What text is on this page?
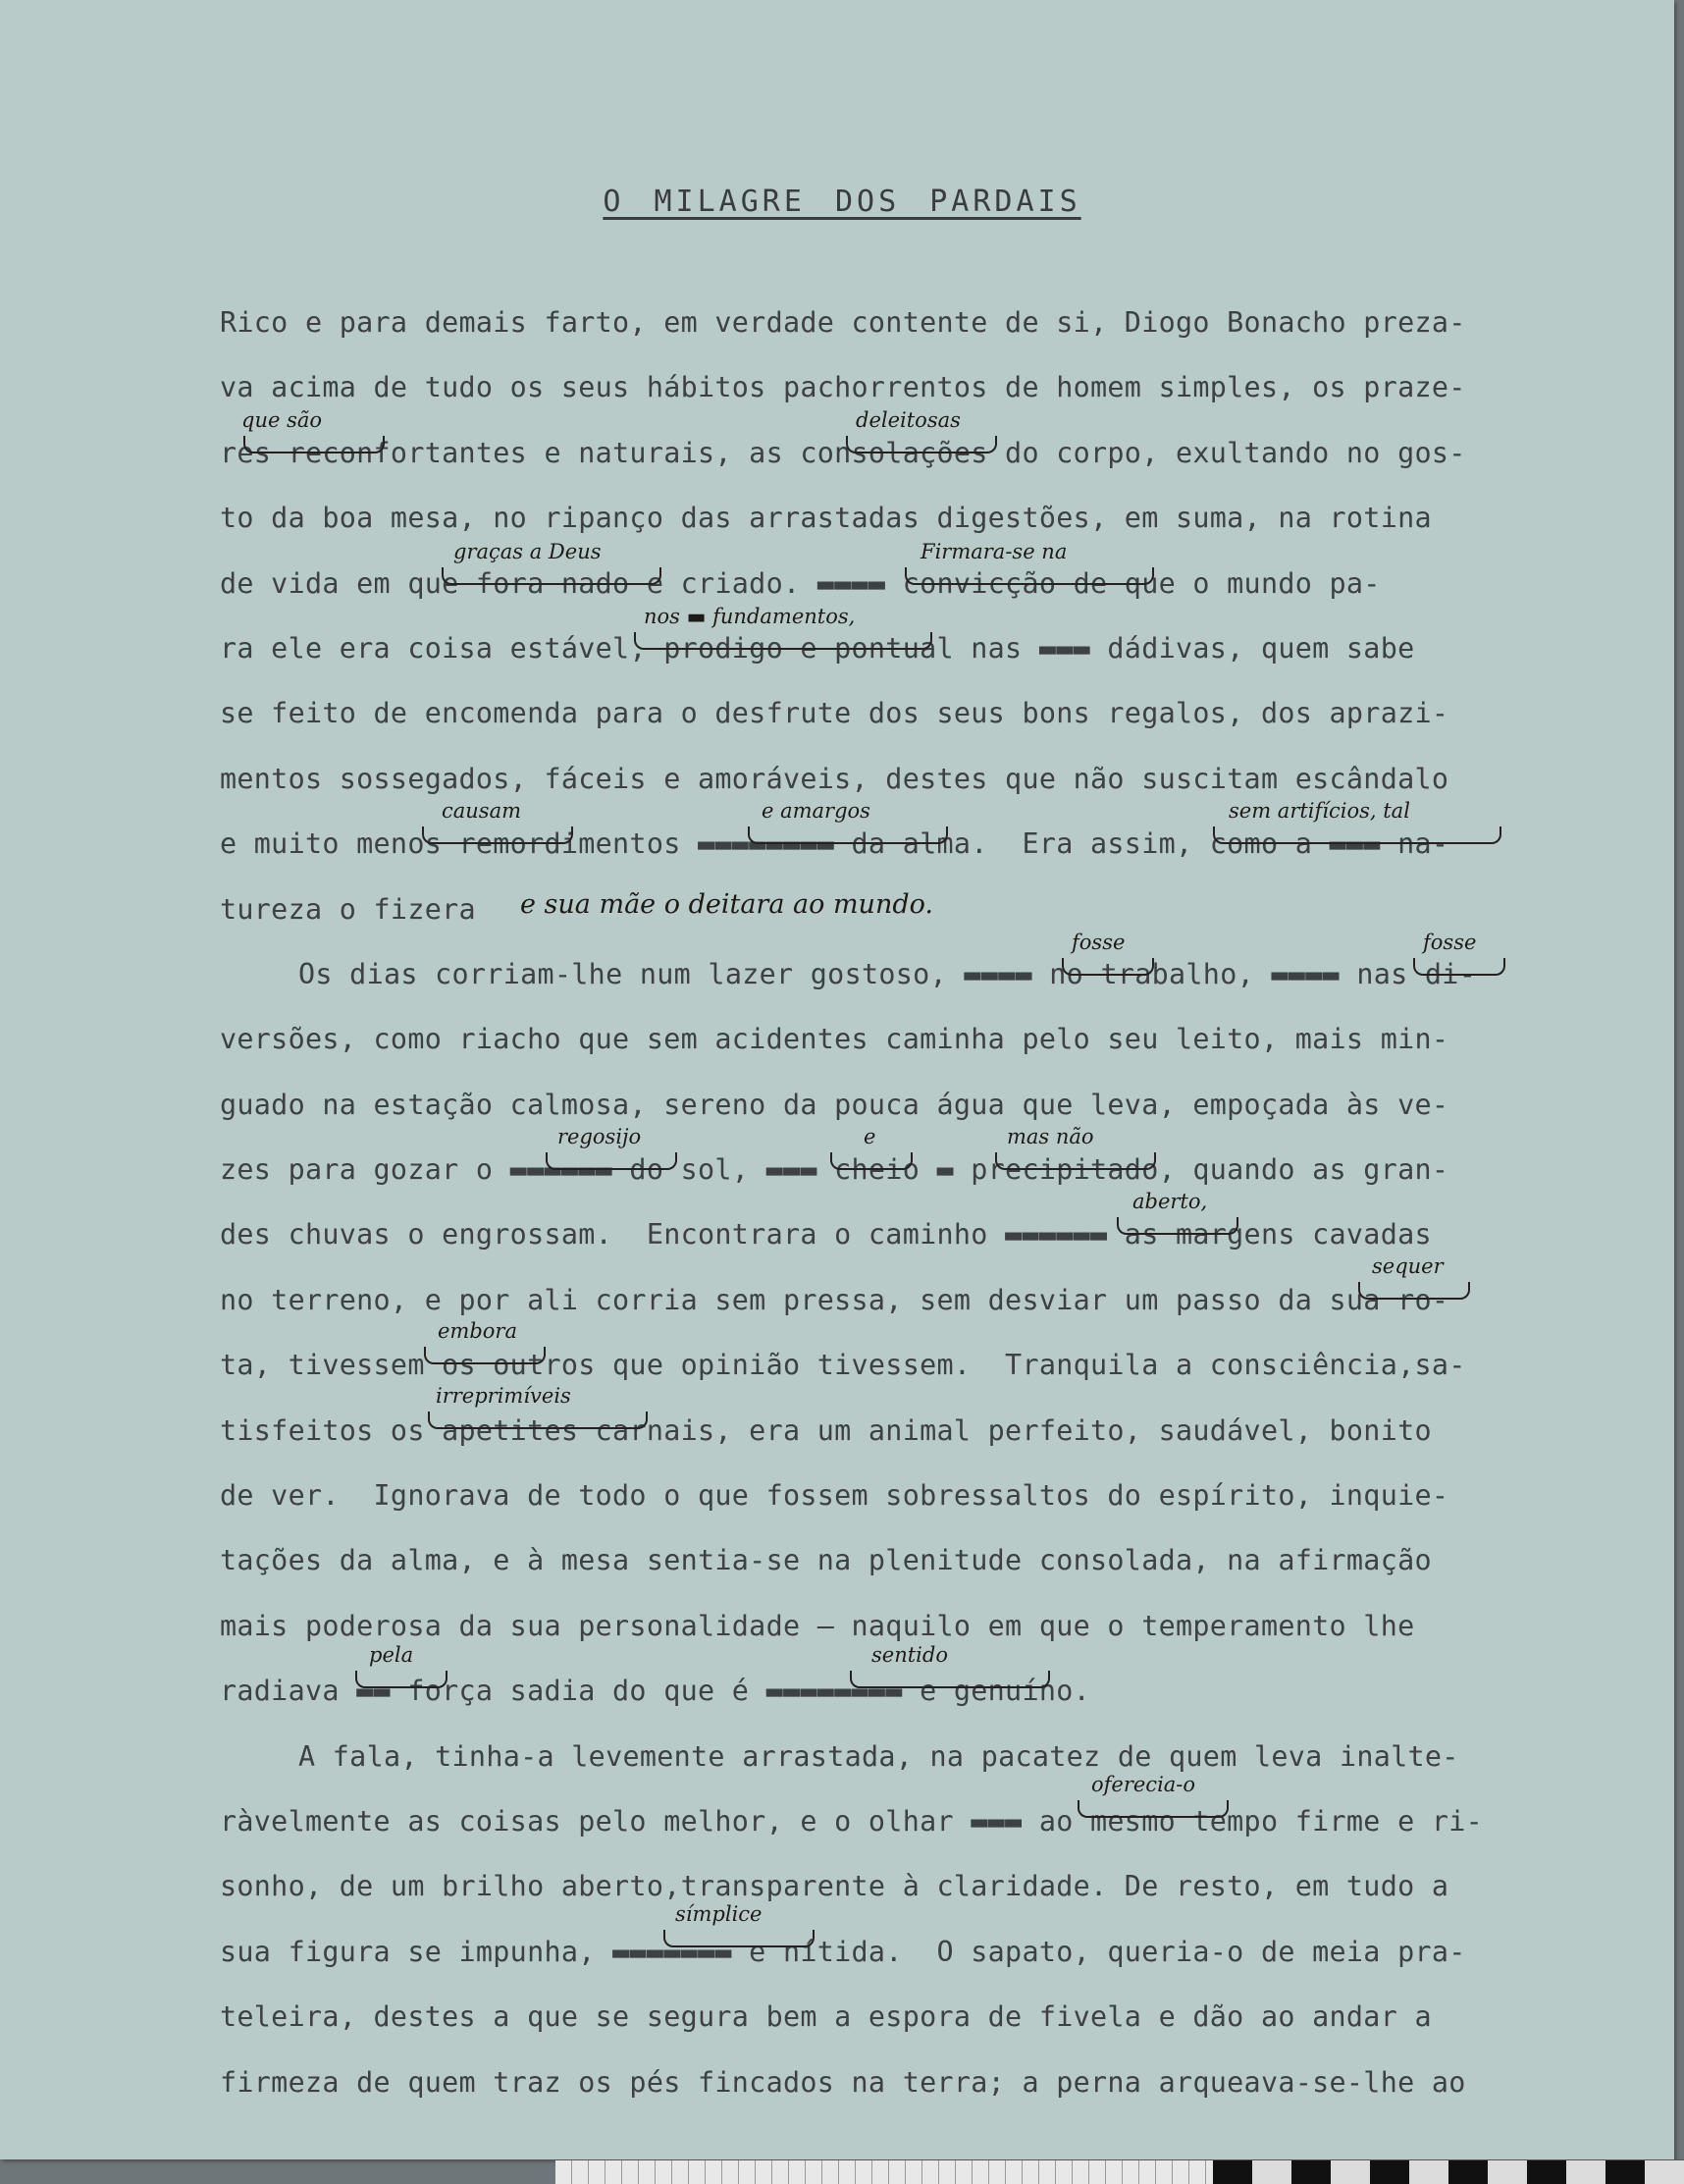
O MILAGRE DOS PARDAIS
Rico e para demais farto, em verdade contente de si, Diogo Bonacho preza-
va acima de tudo os seus hábitos pachorrentos de homem simples, os praze-
res reconfortantes e naturais, as consolações do corpo, exultando no gos-
to da boa mesa, no ripanço das arrastadas digestões, em suma, na rotina
de vida em que fora nado e criado. ▬▬▬▬ convicção de que o mundo pa-
ra ele era coisa estável, prodigo e pontual nas ▬▬▬ dádivas, quem sabe
se feito de encomenda para o desfrute dos seus bons regalos, dos aprazi-
mentos sossegados, fáceis e amoráveis, destes que não suscitam escândalo
e muito menos remordimentos ▬▬▬▬▬▬▬▬ da alma.  Era assim, como a ▬▬▬ na-
tureza o fizera
Os dias corriam-lhe num lazer gostoso, ▬▬▬▬ no trabalho, ▬▬▬▬ nas di-
versões, como riacho que sem acidentes caminha pelo seu leito, mais min-
guado na estação calmosa, sereno da pouca água que leva, empoçada às ve-
zes para gozar o ▬▬▬▬▬▬ do sol, ▬▬▬ cheio ▬ precipitado, quando as gran-
des chuvas o engrossam.  Encontrara o caminho ▬▬▬▬▬▬ as margens cavadas
no terreno, e por ali corria sem pressa, sem desviar um passo da sua ro-
ta, tivessem os outros que opinião tivessem.  Tranquila a consciência,sa-
tisfeitos os apetites carnais, era um animal perfeito, saudável, bonito
de ver.  Ignorava de todo o que fossem sobressaltos do espírito, inquie-
tações da alma, e à mesa sentia-se na plenitude consolada, na afirmação
mais poderosa da sua personalidade — naquilo em que o temperamento lhe
radiava ▬▬ força sadia do que é ▬▬▬▬▬▬▬▬ e genuíno.
A fala, tinha-a levemente arrastada, na pacatez de quem leva inalte-
ràvelmente as coisas pelo melhor, e o olhar ▬▬▬ ao mesmo tempo firme e ri-
sonho, de um brilho aberto,transparente à claridade. De resto, em tudo a
sua figura se impunha, ▬▬▬▬▬▬▬ e nítida.  O sapato, queria-o de meia pra-
teleira, destes a que se segura bem a espora de fivela e dão ao andar a
firmeza de quem traz os pés fincados na terra; a perna arqueava-se-lhe ao
e sua mãe o deitara ao mundo.
que são	deleitosas
graças a Deus	Firmara-se na
nos ▬ fundamentos,
causam	e amargos	sem artifícios, tal
fosse	fosse
regosijo	e	mas não
aberto,
sequer
embora
irreprimíveis
pela	sentido
oferecia-o
símplice
